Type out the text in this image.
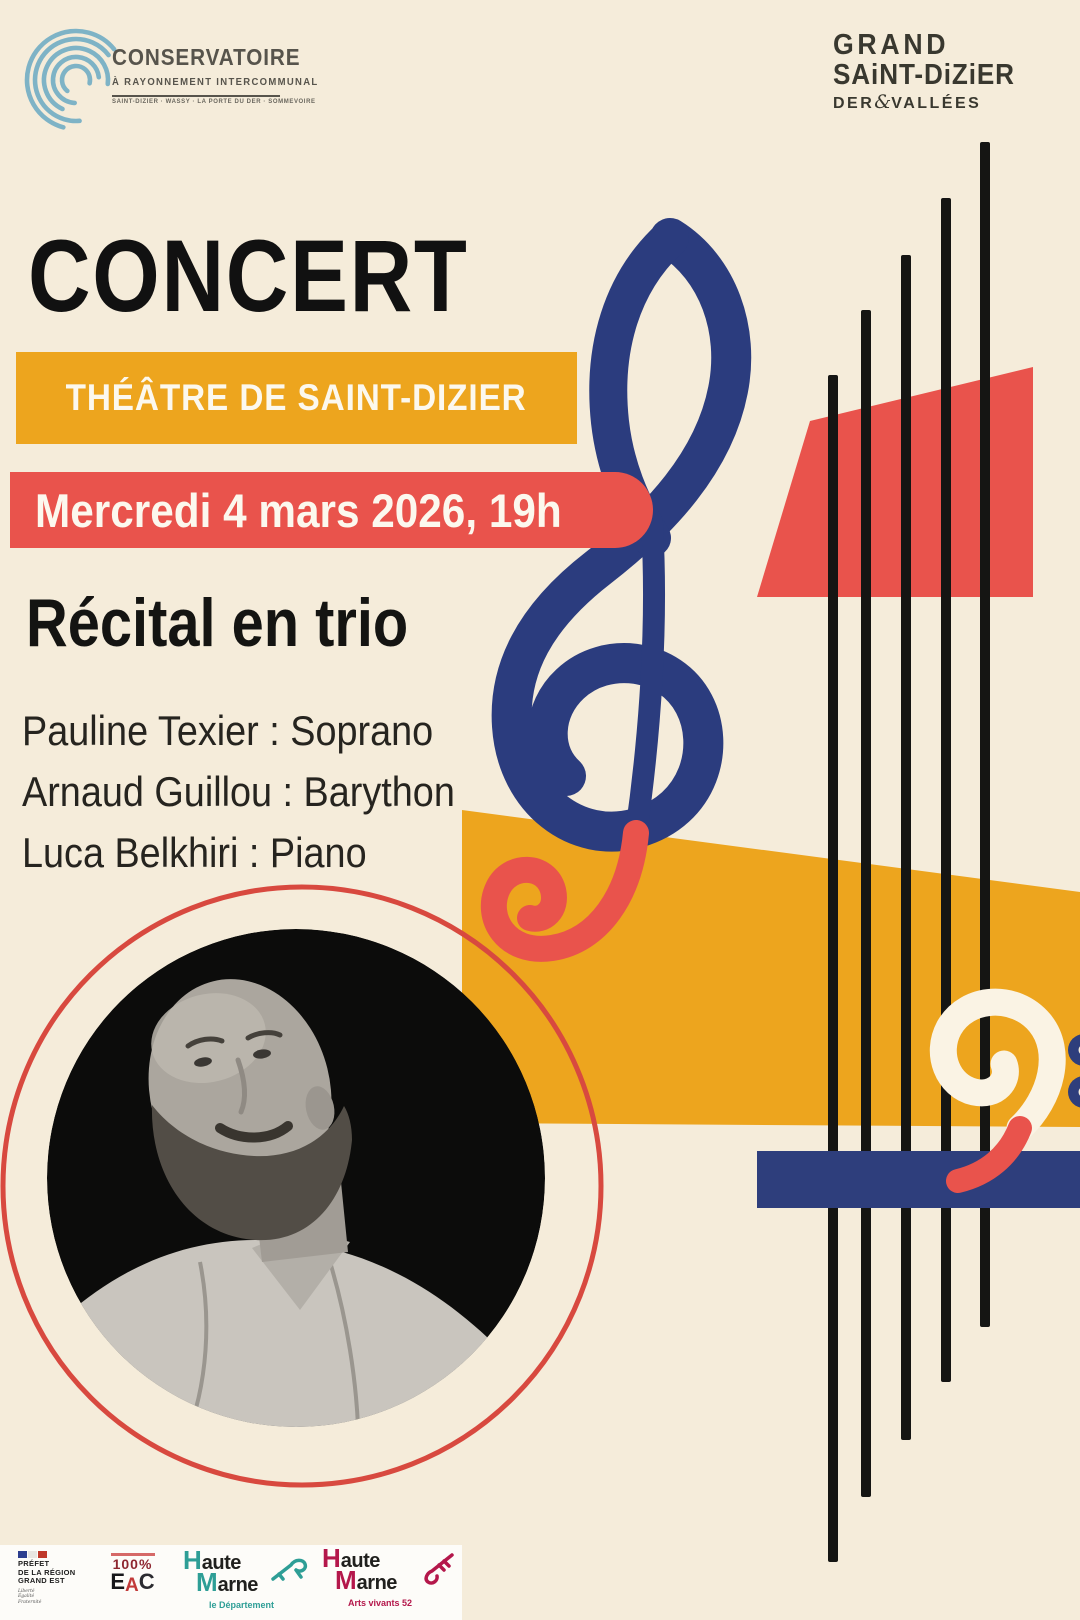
CONSERVATOIRE
À RAYONNEMENT INTERCOMMUNAL
SAINT-DIZIER · WASSY · LA PORTE DU DER · SOMMEVOIRE
GRAND
SAiNT-DiZiER
DER&VALLÉES
CONCERT
THÉÂTRE DE SAINT-DIZIER
Mercredi 4 mars 2026, 19h
Récital en trio
Pauline Texier : Soprano
Arnaud Guillou : Barython
Luca Belkhiri : Piano
PRÉFET
DE LA RÉGION
GRAND EST
Liberté
Égalité
Fraternité
100%
EAC
Haute
Marne
le Département
Haute
Marne
Arts vivants 52
